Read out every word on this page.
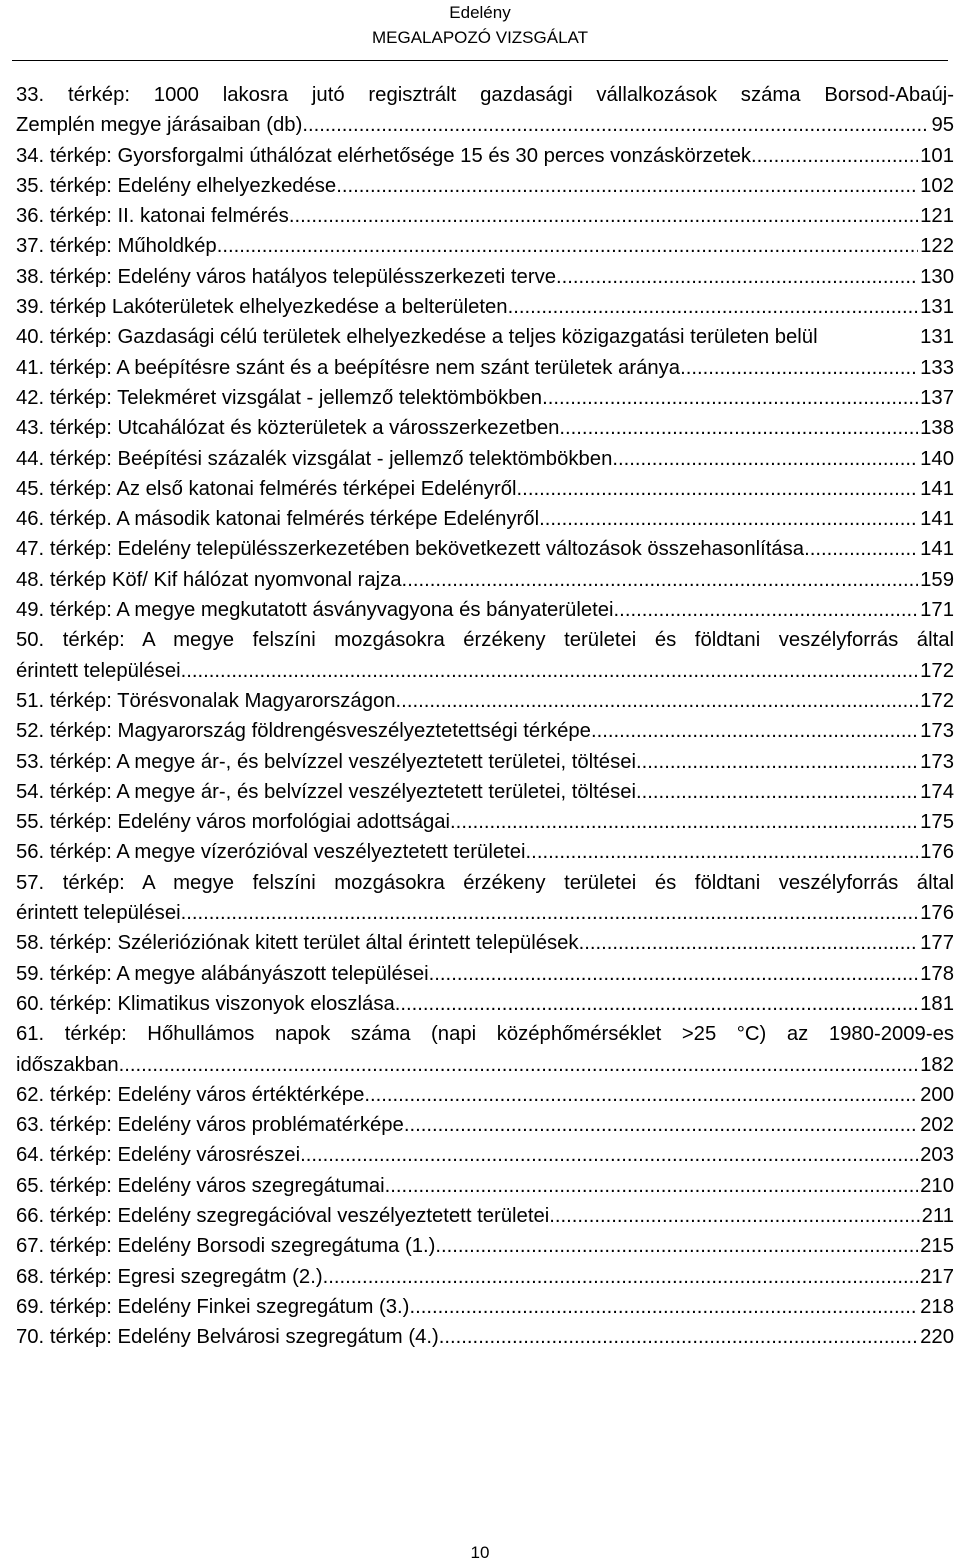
Edelény
MEGALAPOZÓ VIZSGÁLAT
33. térkép: 1000 lakosra jutó regisztrált gazdasági vállalkozások száma Borsod-Abaúj-
Zemplén megye járásaiban (db) .....	95
34. térkép: Gyorsforgalmi úthálózat elérhetősége 15 és 30 perces vonzáskörzetek .....	101
35. térkép: Edelény elhelyezkedése .....	102
36. térkép: II. katonai felmérés .....	121
37. térkép: Műholdkép .....	122
38. térkép: Edelény város hatályos településszerkezeti terve .....	130
39. térkép Lakóterületek elhelyezkedése a belterületen .....	131
40. térkép: Gazdasági célú területek elhelyezkedése a teljes közigazgatási területen belül	131
41. térkép: A beépítésre szánt és a beépítésre nem szánt területek aránya .....	133
42. térkép: Telekméret vizsgálat - jellemző telektömbökben .....	137
43. térkép: Utcahálózat és közterületek a városszerkezetben .....	138
44. térkép: Beépítési százalék vizsgálat - jellemző telektömbökben .....	140
45. térkép: Az első katonai felmérés térképei Edelényről .....	141
46. térkép. A második katonai felmérés térképe Edelényről .....	141
47. térkép: Edelény településszerkezetében bekövetkezett változások összehasonlítása .....	141
48. térkép Köf/ Kif hálózat nyomvonal rajza. .....	159
49. térkép: A megye megkutatott ásványvagyona és bányaterületei .....	171
50. térkép: A megye felszíni mozgásokra érzékeny területei és földtani veszélyforrás által
érintett települései .....	172
51. térkép: Törésvonalak Magyarországon .....	172
52. térkép: Magyarország földrengésveszélyeztetettségi térképe .....	173
53. térkép: A megye ár-, és belvízzel veszélyeztetett területei, töltései .....	173
54. térkép: A megye ár-, és belvízzel veszélyeztetett területei, töltései .....	174
55. térkép: Edelény város morfológiai adottságai .....	175
56. térkép: A megye vízerózióval veszélyeztetett területei .....	176
57. térkép: A megye felszíni mozgásokra érzékeny területei és földtani veszélyforrás által
érintett települései .....	176
58. térkép: Szélerióziónak kitett terület által érintett települések .....	177
59. térkép: A megye alábányászott települései .....	178
60. térkép: Klimatikus viszonyok eloszlása .....	181
61. térkép: Hőhullámos napok száma (napi középhőmérséklet >25 °C) az 1980-2009-es
időszakban .....	182
62. térkép: Edelény város értéktérképe .....	200
63. térkép: Edelény város problématérképe. .....	202
64. térkép: Edelény városrészei .....	203
65. térkép: Edelény város szegregátumai .....	210
66. térkép: Edelény szegregációval veszélyeztetett területei .....	211
67. térkép: Edelény Borsodi szegregátuma (1.) .....	215
68. térkép: Egresi szegregátm (2.) .....	217
69. térkép: Edelény Finkei szegregátum (3.) .....	218
70. térkép: Edelény Belvárosi szegregátum (4.) .....	220
10
